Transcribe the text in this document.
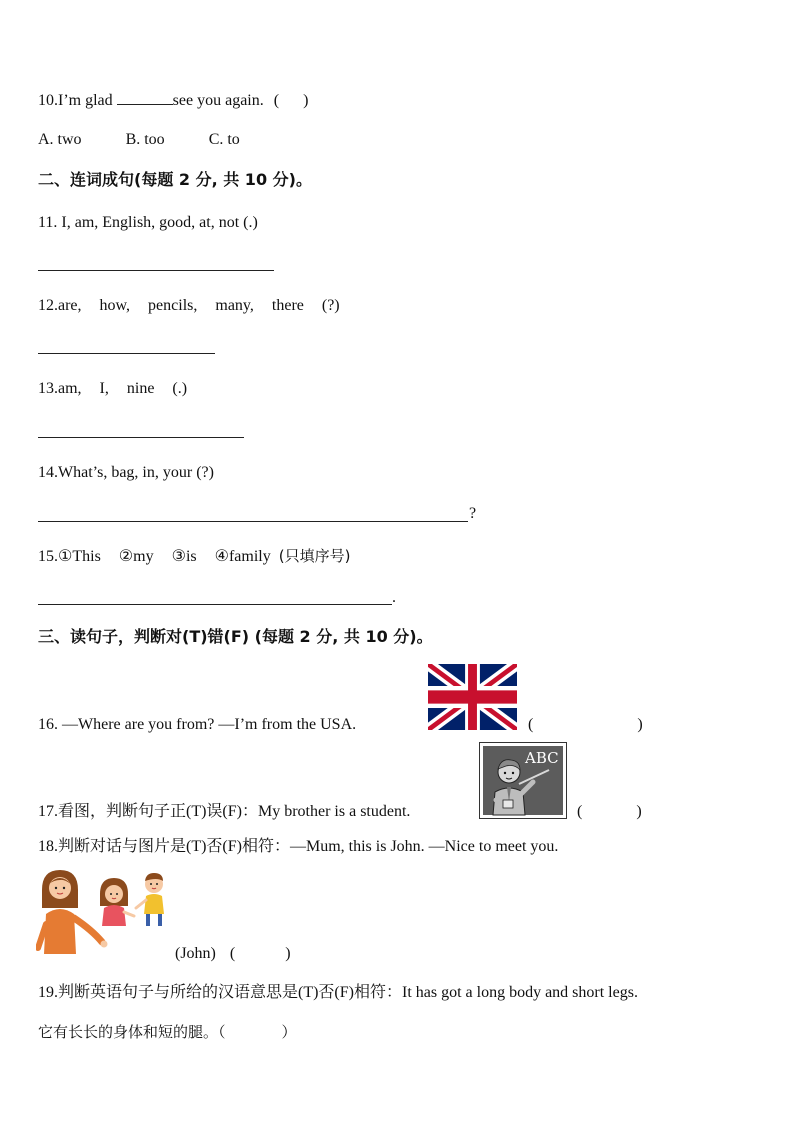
10.I’m glad	see you again. ( )
A. two	B. too	C. to
二、连词成句(每题 2 分, 共 10 分)。
11. I, am, English, good, at, not (.)
12.are, how, pencils, many, there (?)
13.am, I, nine (.)
14.What’s, bag, in, your (?)
?
15.①This ②my ③is ④family (只填序号)
.
三、读句子，判断对(T)错(F) (每题 2 分, 共 10 分)。
16. —Where are you from? —I’m from the USA.	(	)
17.看图，判断句子正(T)误(F)：My brother is a student.
ABC
(	)
18.判断对话与图片是(T)否(F)相符：—Mum, this is John. —Nice to meet you.
(John) (	)
19.判断英语句子与所给的汉语意思是(T)否(F)相符：It has got a long body and short legs.
它有长长的身体和短的腿。（	）
